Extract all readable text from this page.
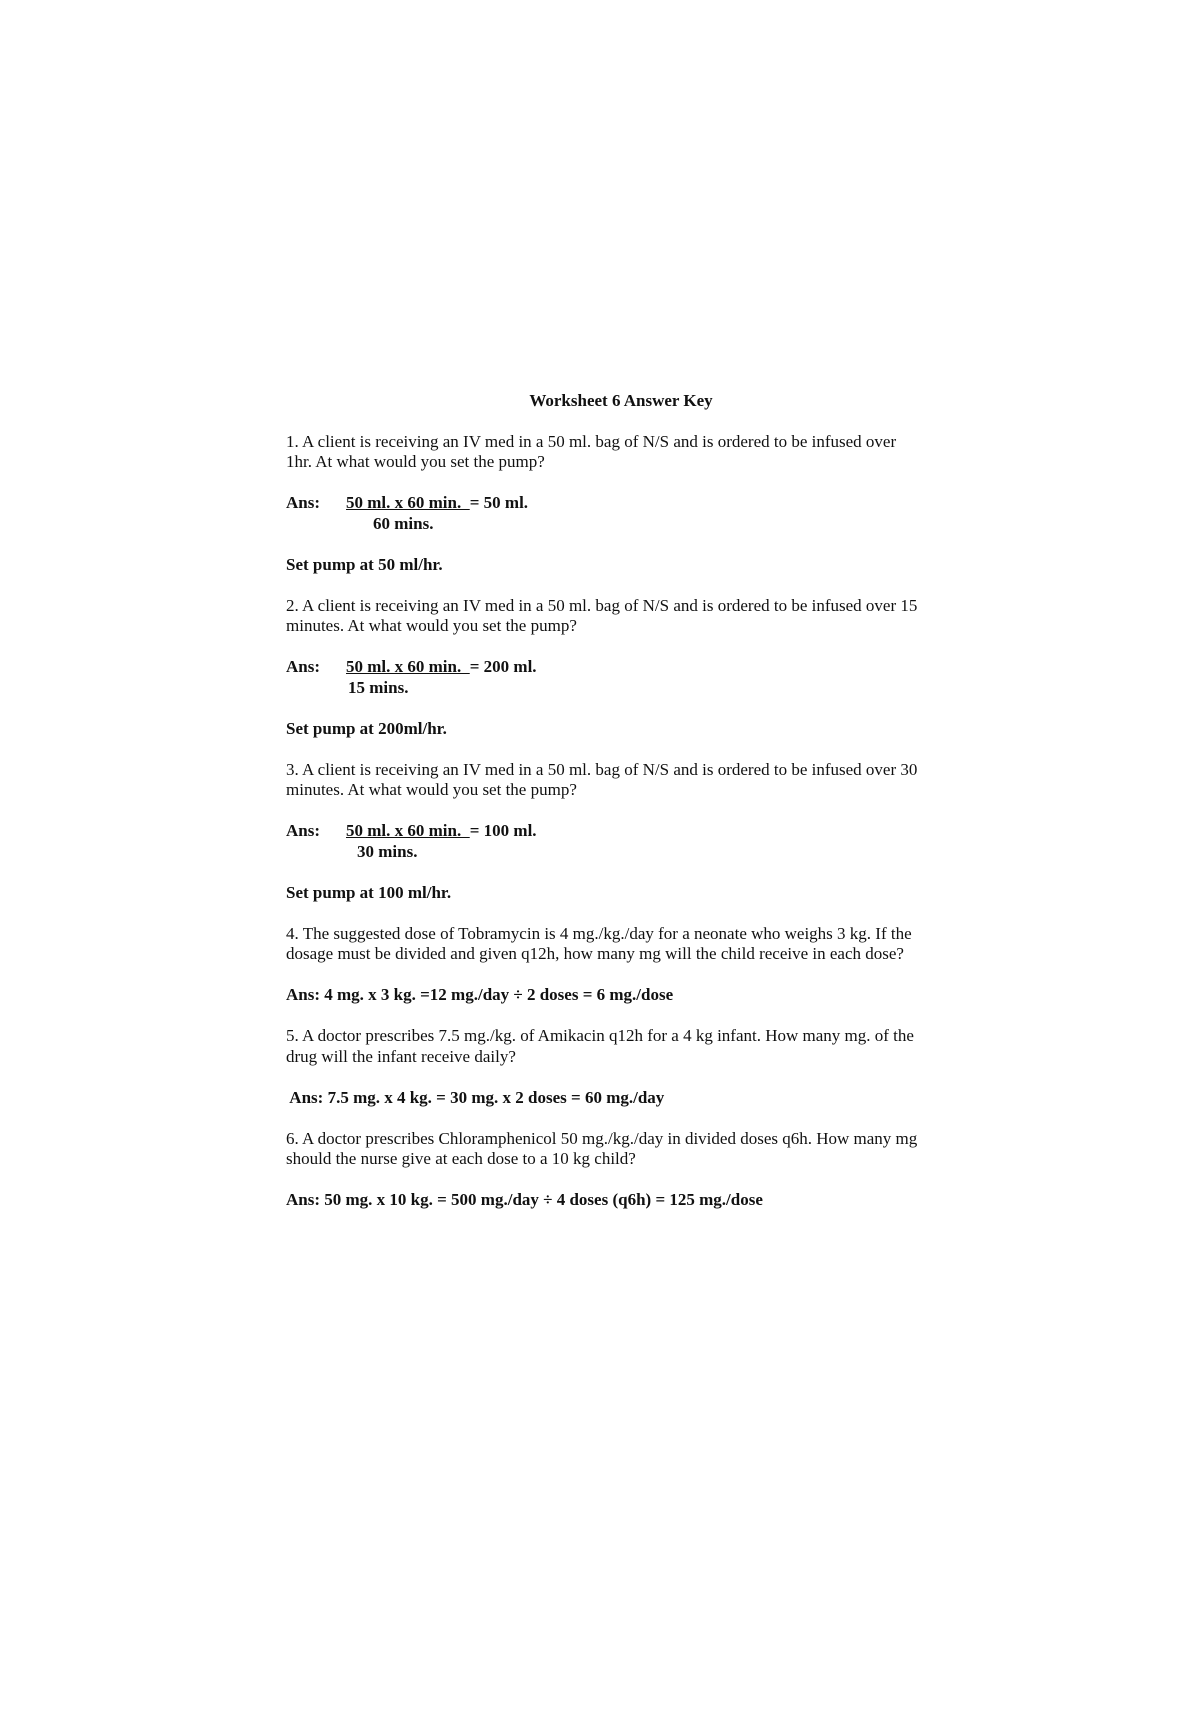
Worksheet 6 Answer Key

1. A client is receiving an IV med in a 50 ml. bag of N/S and is ordered to be infused over 1hr. At what would you set the pump?

Ans: 50 ml. x 60 min.  = 50 ml.
60 mins.

Set pump at 50 ml/hr.

2. A client is receiving an IV med in a 50 ml. bag of N/S and is ordered to be infused over 15 minutes. At what would you set the pump?

Ans: 50 ml. x 60 min.  = 200 ml.
15 mins.

Set pump at 200ml/hr.

3. A client is receiving an IV med in a 50 ml. bag of N/S and is ordered to be infused over 30 minutes. At what would you set the pump?

Ans: 50 ml. x 60 min.  = 100 ml.
30 mins.

Set pump at 100 ml/hr.

4. The suggested dose of Tobramycin is 4 mg./kg./day for a neonate who weighs 3 kg. If the dosage must be divided and given q12h, how many mg will the child receive in each dose?

Ans: 4 mg. x 3 kg. =12 mg./day ÷ 2 doses = 6 mg./dose

5. A doctor prescribes 7.5 mg./kg. of Amikacin q12h for a 4 kg infant. How many mg. of the drug will the infant receive daily?

Ans: 7.5 mg. x 4 kg. = 30 mg. x 2 doses = 60 mg./day

6. A doctor prescribes Chloramphenicol 50 mg./kg./day in divided doses q6h. How many mg should the nurse give at each dose to a 10 kg child?

Ans: 50 mg. x 10 kg. = 500 mg./day ÷ 4 doses (q6h) = 125 mg./dose
